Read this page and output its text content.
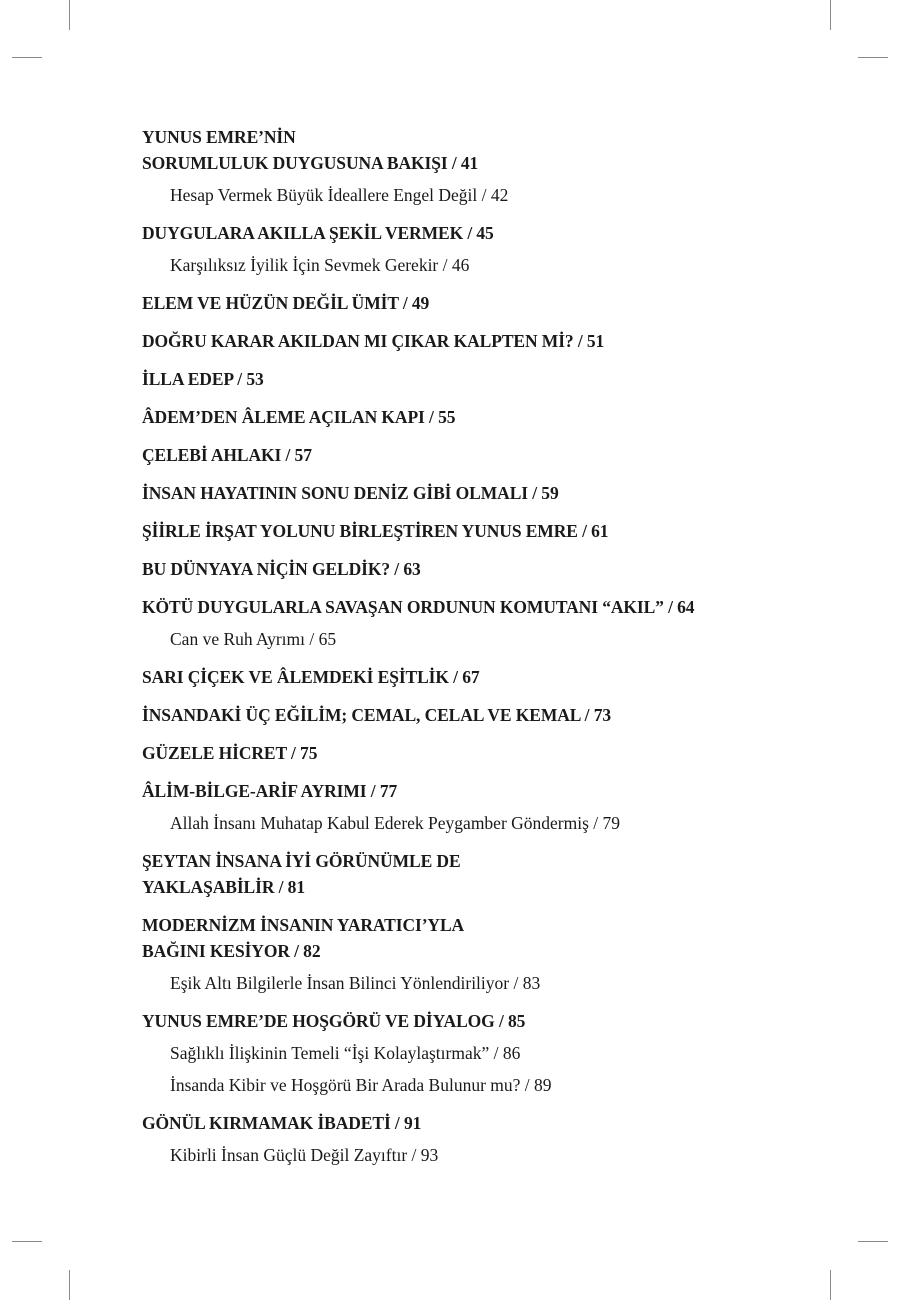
YUNUS EMRE’NİN
SORUMLULUK DUYGUSUNA BAKIŞI / 41

Hesap Vermek Büyük İdeallere Engel Değil / 42

DUYGULARA AKILLA ŞEKİL VERMEK / 45

Karşılıksız İyilik İçin Sevmek Gerekir / 46

ELEM VE HÜZÜN DEĞİL ÜMİT / 49

DOĞRU KARAR AKILDAN MI ÇIKAR KALPTEN Mİ? / 51

İLLA EDEP / 53

ÂDEM’DEN ÂLEME AÇILAN KAPI / 55

ÇELEBİ AHLAKI / 57

İNSAN HAYATININ SONU DENİZ GİBİ OLMALI / 59

ŞİİRLE İRŞAT YOLUNU BİRLEŞTİREN YUNUS EMRE / 61

BU DÜNYAYA NİÇİN GELDİK? / 63

KÖTÜ DUYGULARLA SAVAŞAN ORDUNUN KOMUTANI “AKIL” / 64

Can ve Ruh Ayrımı / 65

SARI ÇİÇEK VE ÂLEMDEKİ EŞİTLİK / 67

İNSANDAKİ ÜÇ EĞİLİM; CEMAL, CELAL VE KEMAL / 73

GÜZELE HİCRET / 75

ÂLİM-BİLGE-ARİF AYRIMI / 77

Allah İnsanı Muhatap Kabul Ederek Peygamber Göndermiş / 79

ŞEYTAN İNSANA İYİ GÖRÜNÜMLE DE
YAKLAŞABİLİR / 81

MODERNİZM İNSANIN YARATICI’YLA
BAĞINI KESİYOR / 82

Eşik Altı Bilgilerle İnsan Bilinci Yönlendiriliyor / 83

YUNUS EMRE’DE HOŞGÖRÜ VE DİYALOG / 85

Sağlıklı İlişkinin Temeli “İşi Kolaylaştırmak” / 86

İnsanda Kibir ve Hoşgörü Bir Arada Bulunur mu? / 89

GÖNÜL KIRMAMAK İBADETİ / 91

Kibirli İnsan Güçlü Değil Zayıftır / 93
